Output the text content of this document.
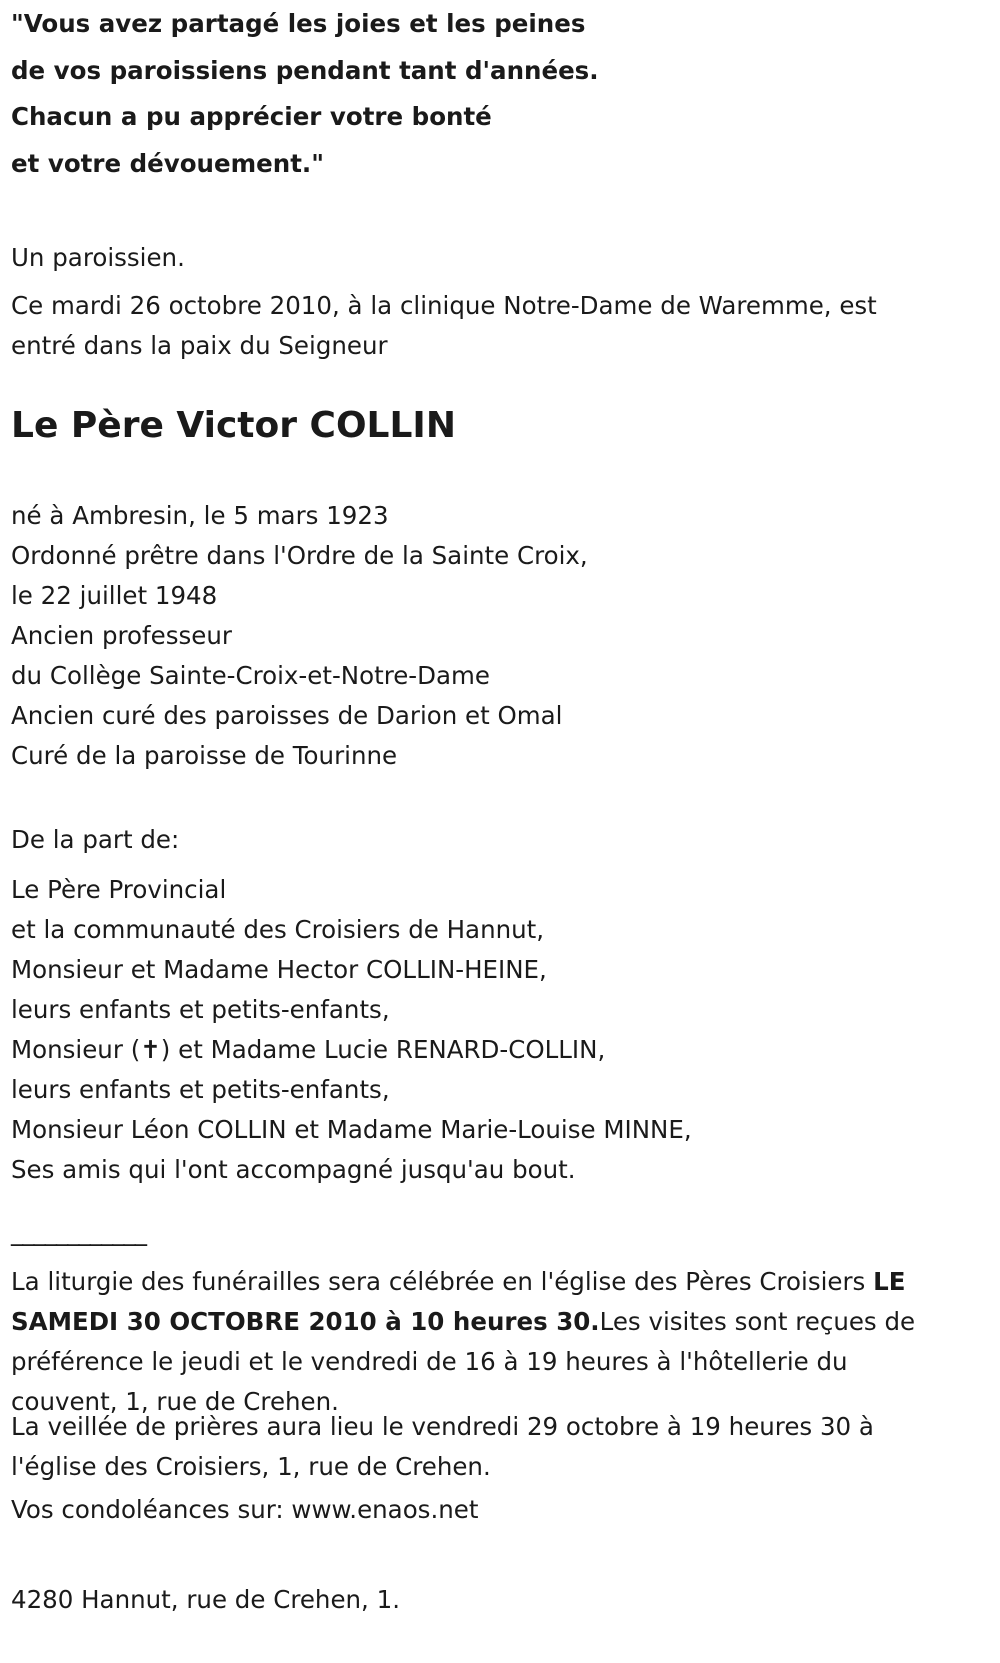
"Vous avez partagé les joies et les peines
de vos paroissiens pendant tant d'années.
Chacun a pu apprécier votre bonté
et votre dévouement."
Un paroissien.
Ce mardi 26 octobre 2010, à la clinique Notre-Dame de Waremme, est
entré dans la paix du Seigneur
Le Père Victor COLLIN
né à Ambresin, le 5 mars 1923
Ordonné prêtre dans l'Ordre de la Sainte Croix,
le 22 juillet 1948
Ancien professeur
du Collège Sainte-Croix-et-Notre-Dame
Ancien curé des paroisses de Darion et Omal
Curé de la paroisse de Tourinne
De la part de:
Le Père Provincial
et la communauté des Croisiers de Hannut,
Monsieur et Madame Hector COLLIN-HEINE,
leurs enfants et petits-enfants,
Monsieur (✝) et Madame Lucie RENARD-COLLIN,
leurs enfants et petits-enfants,
Monsieur Léon COLLIN et Madame Marie-Louise MINNE,
Ses amis qui l'ont accompagné jusqu'au bout.
____________
La liturgie des funérailles sera célébrée en l'église des Pères Croisiers LE
SAMEDI 30 OCTOBRE 2010 à 10 heures 30.Les visites sont reçues de
préférence le jeudi et le vendredi de 16 à 19 heures à l'hôtellerie du
couvent, 1, rue de Crehen.
La veillée de prières aura lieu le vendredi 29 octobre à 19 heures 30 à
l'église des Croisiers, 1, rue de Crehen.
Vos condoléances sur: www.enaos.net
4280 Hannut, rue de Crehen, 1.
